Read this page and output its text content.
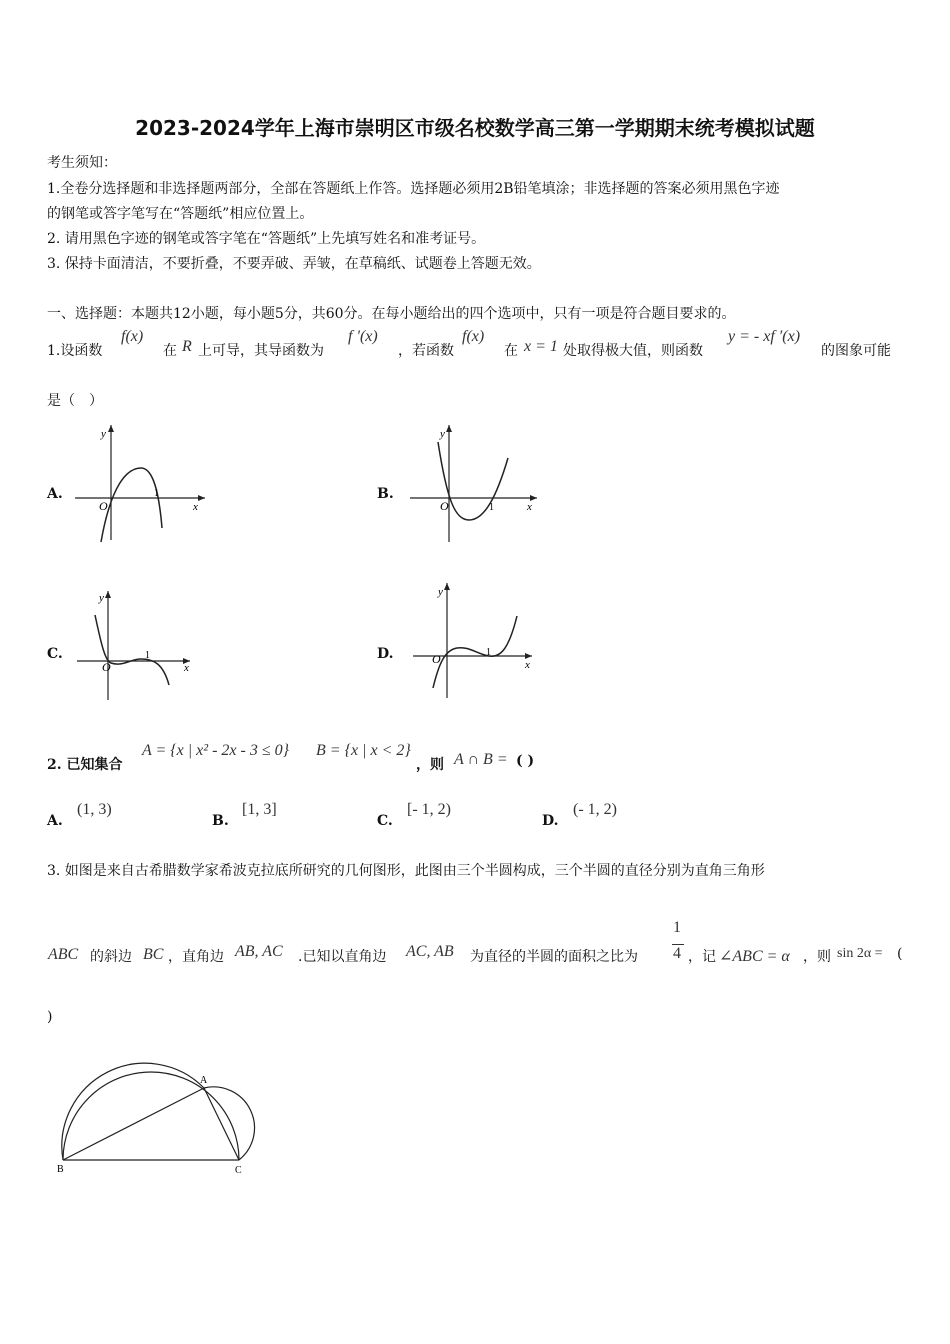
2023-2024学年上海市崇明区市级名校数学高三第一学期期末统考模拟试题
考生须知：
1.全卷分选择题和非选择题两部分，全部在答题纸上作答。选择题必须用2B铅笔填涂；非选择题的答案必须用黑色字迹
的钢笔或答字笔写在“答题纸”相应位置上。
2. 请用黑色字迹的钢笔或答字笔在“答题纸”上先填写姓名和准考证号。
3. 保持卡面清洁，不要折叠，不要弄破、弄皱，在草稿纸、试题卷上答题无效。
一、选择题：本题共12小题，每小题5分，共60分。在每小题给出的四个选项中，只有一项是符合题目要求的。
1.设函数
f(x)
在 R 上可导，其导函数为
f ′(x)
，若函数
f(x)
在 x = 1 处取得极大值，则函数
y = - xf ′(x)
的图象可能
是（　）
A.	B.
C.	D.
x
y
O
1
x
y
O	1
x
y
O
1
x
y
O	1
2. 已知集合
A = {x | x² - 2x - 3 ≤ 0} B = {x | x < 2}
，则 A ∩ B = ( )
A.
(1, 3)
B.
[1, 3]
C.
[- 1, 2)
D.
(- 1, 2)
3. 如图是来自古希腊数学家希波克拉底所研究的几何图形，此图由三个半圆构成，三个半圆的直径分别为直角三角形
ABC 的斜边 BC ，直角边 AB, AC .已知以直角边 AC, AB 为直径的半圆的面积之比为
1
4 ，记 ∠ABC = α ，则 sin 2α = (
)
A
B	C
